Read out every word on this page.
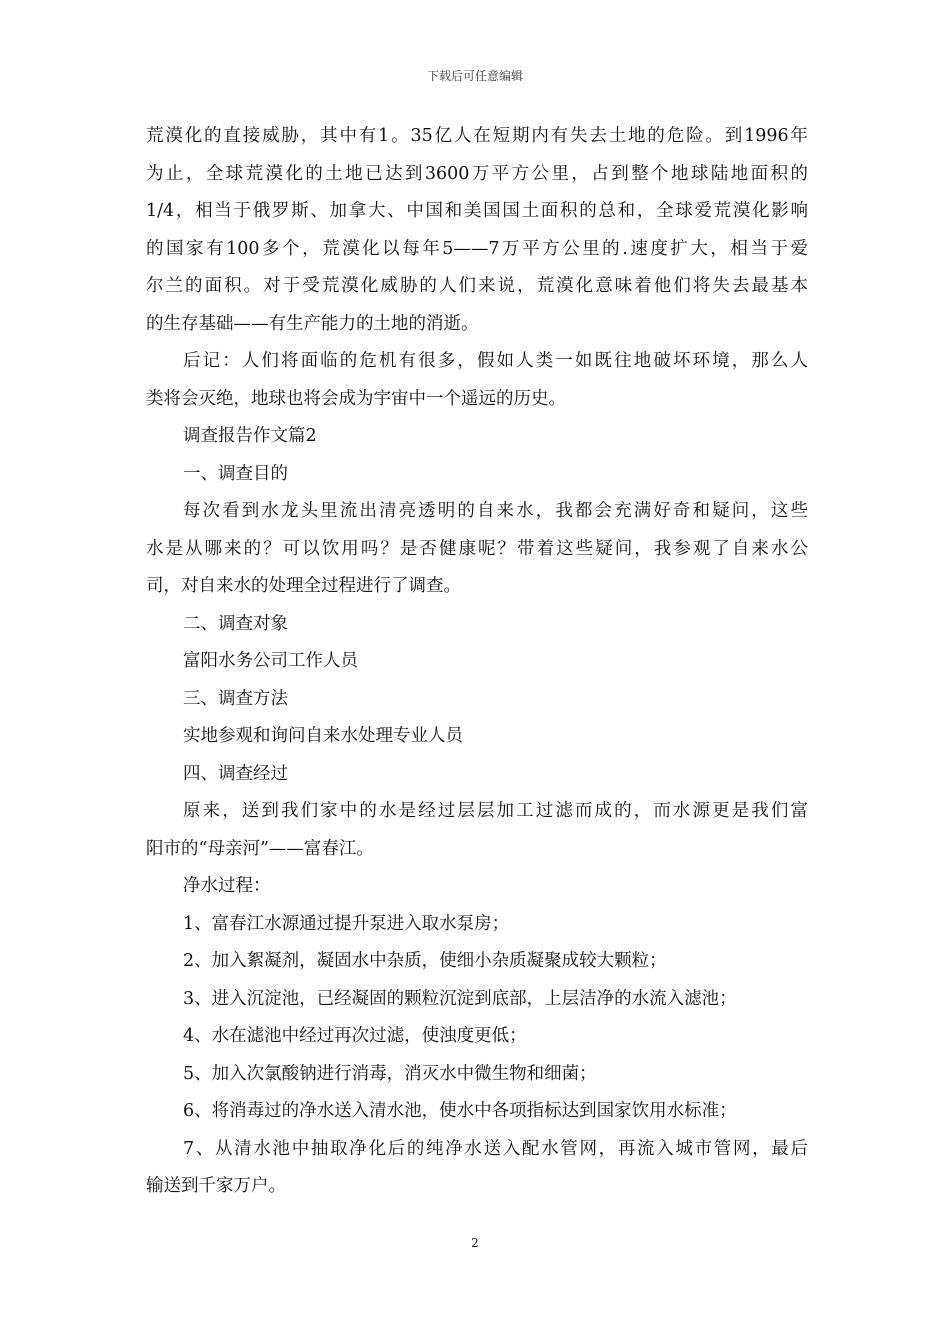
下载后可任意编辑
荒漠化的直接威胁，其中有1。35亿人在短期内有失去土地的危险。到1996年
为止，全球荒漠化的土地已达到3600万平方公里，占到整个地球陆地面积的
1/4，相当于俄罗斯、加拿大、中国和美国国土面积的总和，全球爱荒漠化影响
的国家有100多个，荒漠化以每年5——7万平方公里的.速度扩大，相当于爱
尔兰的面积。对于受荒漠化威胁的人们来说，荒漠化意味着他们将失去最基本
的生存基础——有生产能力的土地的消逝。
后记：人们将面临的危机有很多，假如人类一如既往地破坏环境，那么人
类将会灭绝，地球也将会成为宇宙中一个遥远的历史。
调查报告作文篇2
一、调查目的
每次看到水龙头里流出清亮透明的自来水，我都会充满好奇和疑问，这些
水是从哪来的？可以饮用吗？是否健康呢？带着这些疑问，我参观了自来水公
司，对自来水的处理全过程进行了调查。
二、调查对象
富阳水务公司工作人员
三、调查方法
实地参观和询问自来水处理专业人员
四、调查经过
原来，送到我们家中的水是经过层层加工过滤而成的，而水源更是我们富
阳市的“母亲河”——富春江。
净水过程：
1、富春江水源通过提升泵进入取水泵房；
2、加入絮凝剂，凝固水中杂质，使细小杂质凝聚成较大颗粒；
3、进入沉淀池，已经凝固的颗粒沉淀到底部，上层洁净的水流入滤池；
4、水在滤池中经过再次过滤，使浊度更低；
5、加入次氯酸钠进行消毒，消灭水中微生物和细菌；
6、将消毒过的净水送入清水池，使水中各项指标达到国家饮用水标准；
7、从清水池中抽取净化后的纯净水送入配水管网，再流入城市管网，最后
输送到千家万户。
2
